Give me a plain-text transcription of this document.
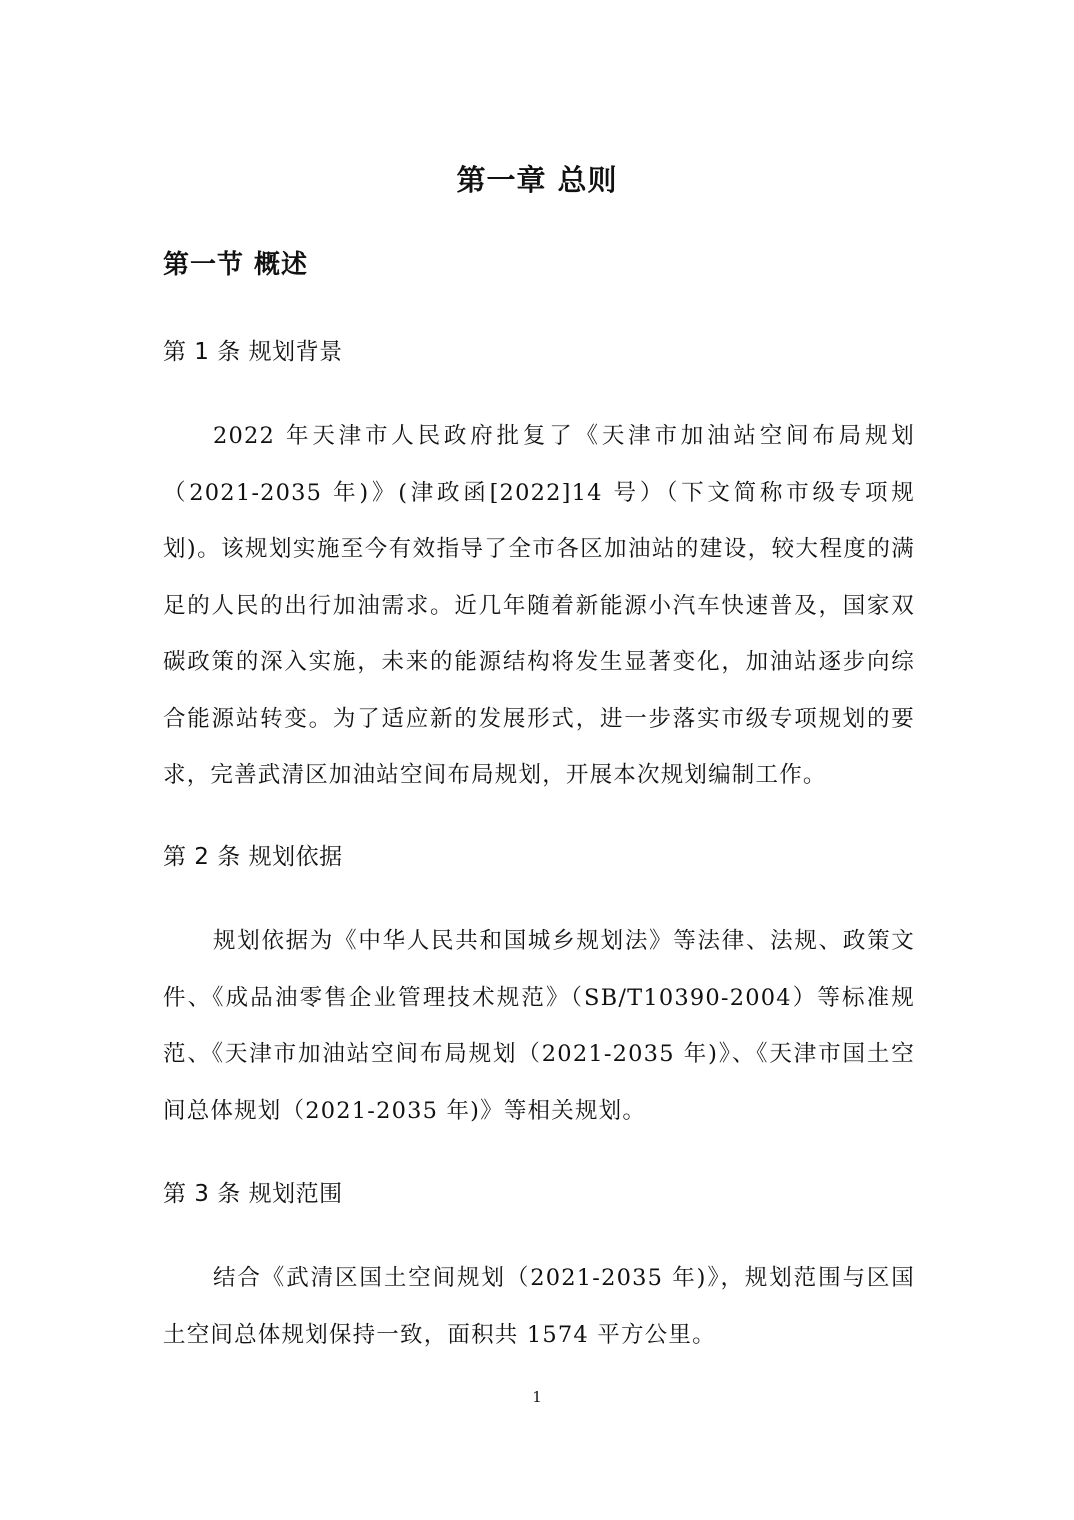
第一章 总则
第一节 概述
第 1 条 规划背景

2022 年天津市人民政府批复了《天津市加油站空间布局规划（2021-2035 年)》(津政函[2022]14 号）（下文简称市级专项规划)。该规划实施至今有效指导了全市各区加油站的建设，较大程度的满足的人民的出行加油需求。近几年随着新能源小汽车快速普及，国家双碳政策的深入实施，未来的能源结构将发生显著变化，加油站逐步向综合能源站转变。为了适应新的发展形式，进一步落实市级专项规划的要求，完善武清区加油站空间布局规划，开展本次规划编制工作。

第 2 条 规划依据

规划依据为《中华人民共和国城乡规划法》等法律、法规、政策文件、《成品油零售企业管理技术规范》（SB/T10390-2004）等标准规范、《天津市加油站空间布局规划（2021-2035 年)》、《天津市国土空间总体规划（2021-2035 年)》等相关规划。

第 3 条 规划范围

结合《武清区国土空间规划（2021-2035 年)》，规划范围与区国土空间总体规划保持一致，面积共 1574 平方公里。

1
